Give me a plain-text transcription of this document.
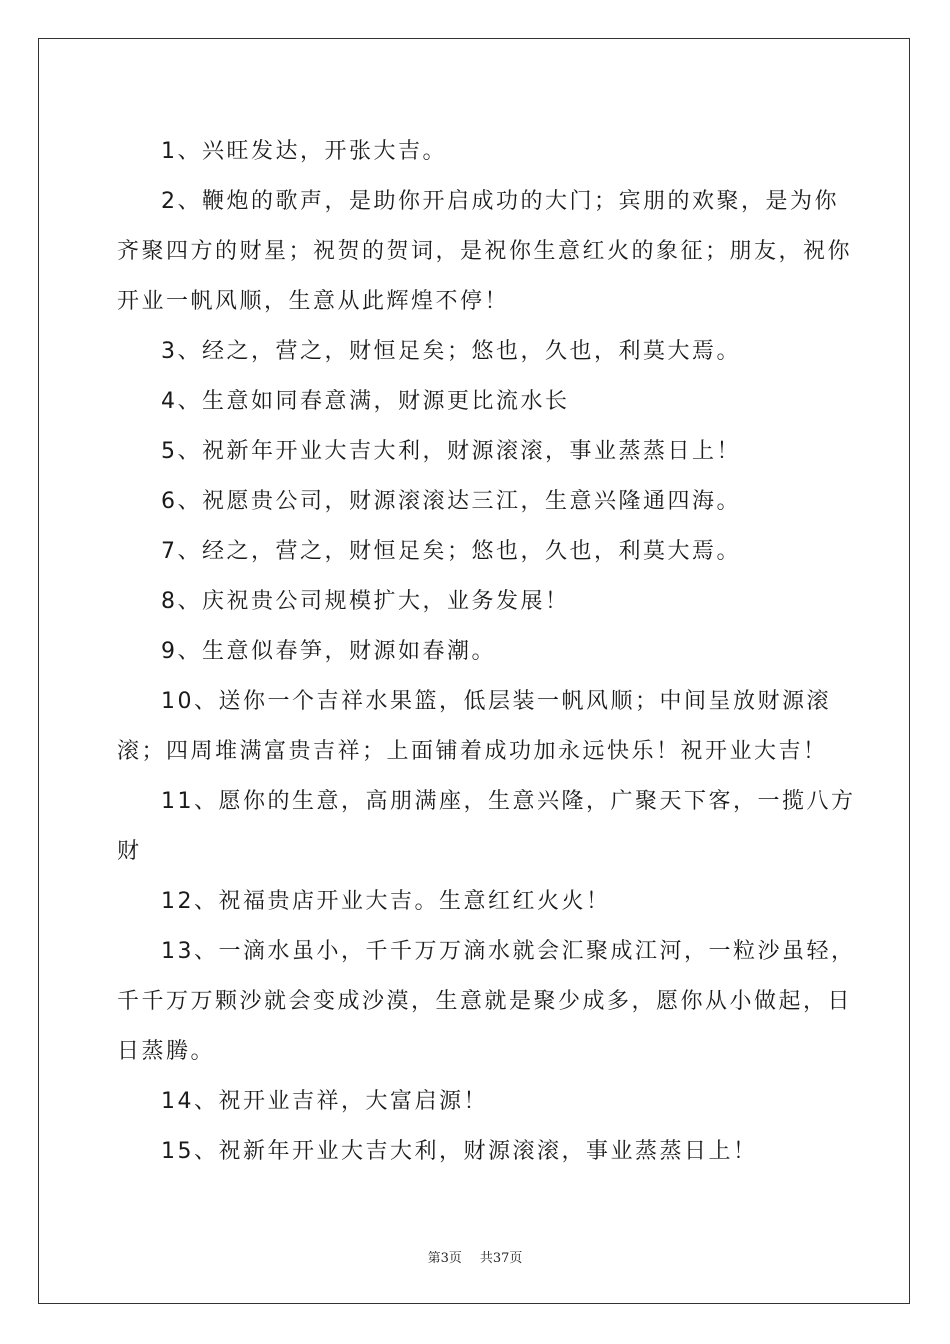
1、兴旺发达，开张大吉。

2、鞭炮的歌声，是助你开启成功的大门；宾朋的欢聚，是为你齐聚四方的财星；祝贺的贺词，是祝你生意红火的象征；朋友，祝你开业一帆风顺，生意从此辉煌不停！

3、经之，营之，财恒足矣；悠也，久也，利莫大焉。

4、生意如同春意满，财源更比流水长

5、祝新年开业大吉大利，财源滚滚，事业蒸蒸日上！

6、祝愿贵公司，财源滚滚达三江，生意兴隆通四海。

7、经之，营之，财恒足矣；悠也，久也，利莫大焉。

8、庆祝贵公司规模扩大，业务发展！

9、生意似春笋，财源如春潮。

10、送你一个吉祥水果篮，低层装一帆风顺；中间呈放财源滚滚；四周堆满富贵吉祥；上面铺着成功加永远快乐！祝开业大吉！

11、愿你的生意，高朋满座，生意兴隆，广聚天下客，一揽八方财

12、祝福贵店开业大吉。生意红红火火！

13、一滴水虽小，千千万万滴水就会汇聚成江河，一粒沙虽轻，千千万万颗沙就会变成沙漠，生意就是聚少成多，愿你从小做起，日日蒸腾。

14、祝开业吉祥，大富启源！

15、祝新年开业大吉大利，财源滚滚，事业蒸蒸日上！

第3页 共37页
